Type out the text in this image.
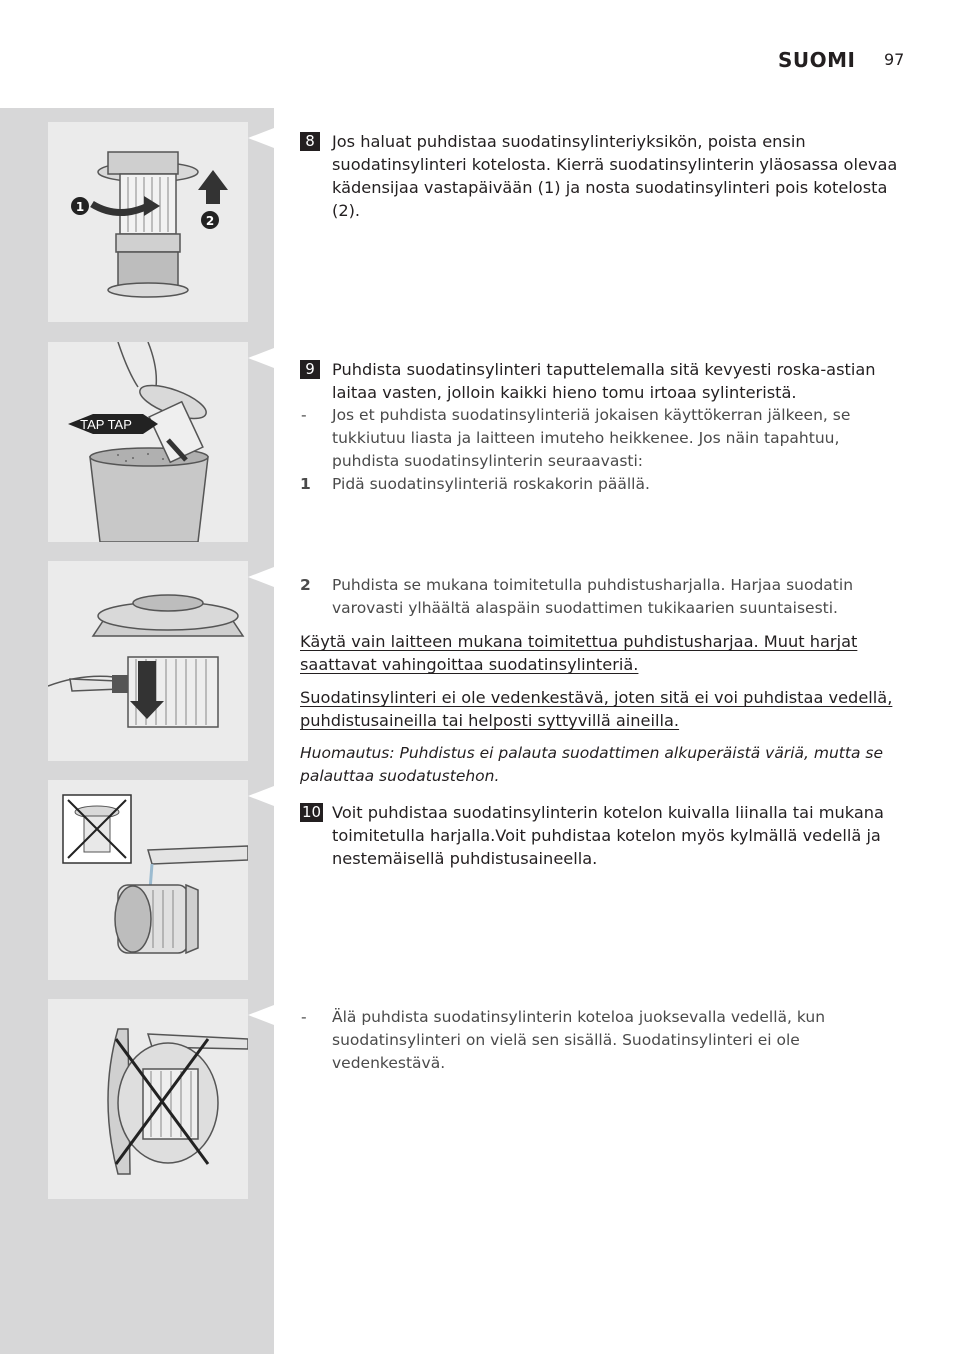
SUOMI 97
1
2
TAP TAP
8	Jos haluat puhdistaa suodatinsylinteriyksikön, poista ensin suodatinsylinteri kotelosta. Kierrä suodatinsylinterin yläosassa olevaa kädensijaa vastapäivään (1) ja nosta suodatinsylinteri pois kotelosta (2).
9	Puhdista suodatinsylinteri taputtelemalla sitä kevyesti roska-astian laitaa vasten, jolloin kaikki hieno tomu irtoaa sylinteristä.
- Jos et puhdista suodatinsylinteriä jokaisen käyttökerran jälkeen, se tukkiutuu liasta ja laitteen imuteho heikkenee. Jos näin tapahtuu, puhdista suodatinsylinterin seuraavasti:
1 Pidä suodatinsylinteriä roskakorin päällä.
2 Puhdista se mukana toimitetulla puhdistusharjalla. Harjaa suodatin varovasti ylhäältä alaspäin suodattimen tukikaarien suuntaisesti.
Käytä vain laitteen mukana toimitettua puhdistusharjaa. Muut harjat saattavat vahingoittaa suodatinsylinteriä.
Suodatinsylinteri ei ole vedenkestävä, joten sitä ei voi puhdistaa vedellä, puhdistusaineilla tai helposti syttyvillä aineilla.
Huomautus: Puhdistus ei palauta suodattimen alkuperäistä väriä, mutta se palauttaa suodatustehon.
10 Voit puhdistaa suodatinsylinterin kotelon kuivalla liinalla tai mukana toimitetulla harjalla.Voit puhdistaa kotelon myös kylmällä vedellä ja nestemäisellä puhdistusaineella.
- Älä puhdista suodatinsylinterin koteloa juoksevalla vedellä, kun suodatinsylinteri on vielä sen sisällä. Suodatinsylinteri ei ole vedenkestävä.
